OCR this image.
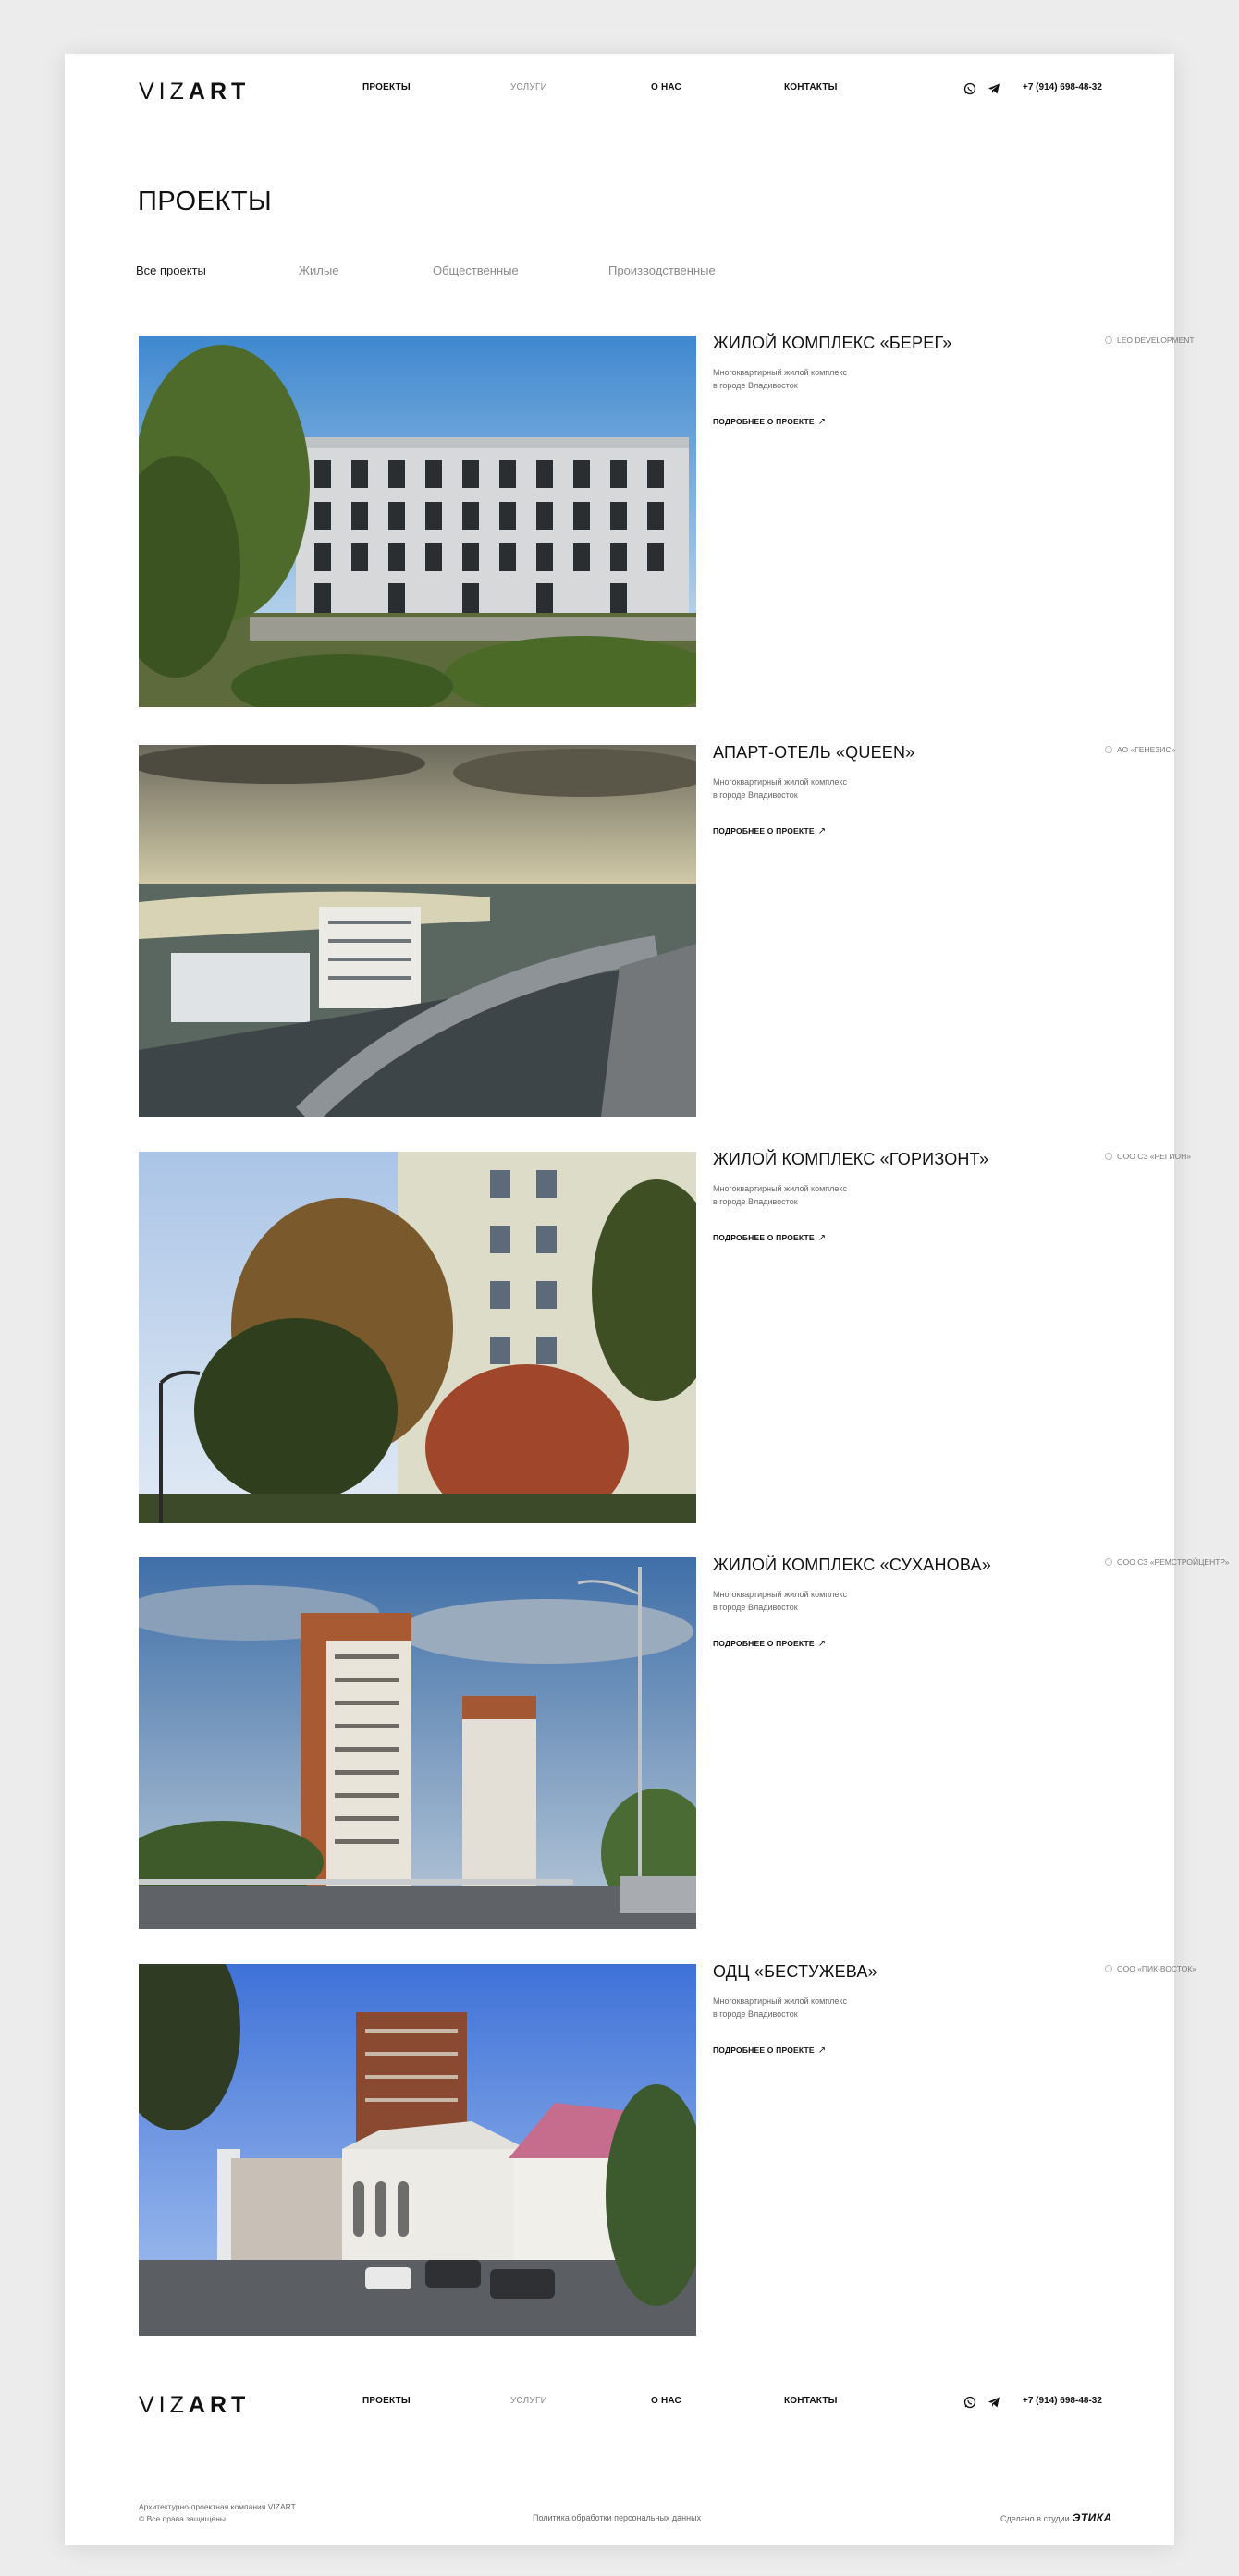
VIZART	ПРОЕКТЫ	УСЛУГИ	О НАС	КОНТАКТЫ	+7 (914) 698-48-32
ПРОЕКТЫ
Все проекты	Жилые	Общественные	Производственные
ЖИЛОЙ КОМПЛЕКС «БЕРЕГ»
Многоквартирный жилой комплекс
в городе Владивосток
ПОДРОБНЕЕ О ПРОЕКТЕ ↗
LEO DEVELOPMENT
АПАРТ-ОТЕЛЬ «QUEEN»
Многоквартирный жилой комплекс
в городе Владивосток
ПОДРОБНЕЕ О ПРОЕКТЕ ↗
АО «ГЕНЕЗИС»
ЖИЛОЙ КОМПЛЕКС «ГОРИЗОНТ»
Многоквартирный жилой комплекс
в городе Владивосток
ПОДРОБНЕЕ О ПРОЕКТЕ ↗
ООО СЗ «РЕГИОН»
ЖИЛОЙ КОМПЛЕКС «СУХАНОВА»
Многоквартирный жилой комплекс
в городе Владивосток
ПОДРОБНЕЕ О ПРОЕКТЕ ↗
ООО СЗ «РЕМСТРОЙЦЕНТР»
ОДЦ «БЕСТУЖЕВА»
Многоквартирный жилой комплекс
в городе Владивосток
ПОДРОБНЕЕ О ПРОЕКТЕ ↗
ООО «ПИК-ВОСТОК»
VIZART	ПРОЕКТЫ	УСЛУГИ	О НАС	КОНТАКТЫ	+7 (914) 698-48-32
Архитектурно-проектная компания VIZART
© Все права защищены	Политика обработки персональных данных	Сделано в студии ЭТИКА
